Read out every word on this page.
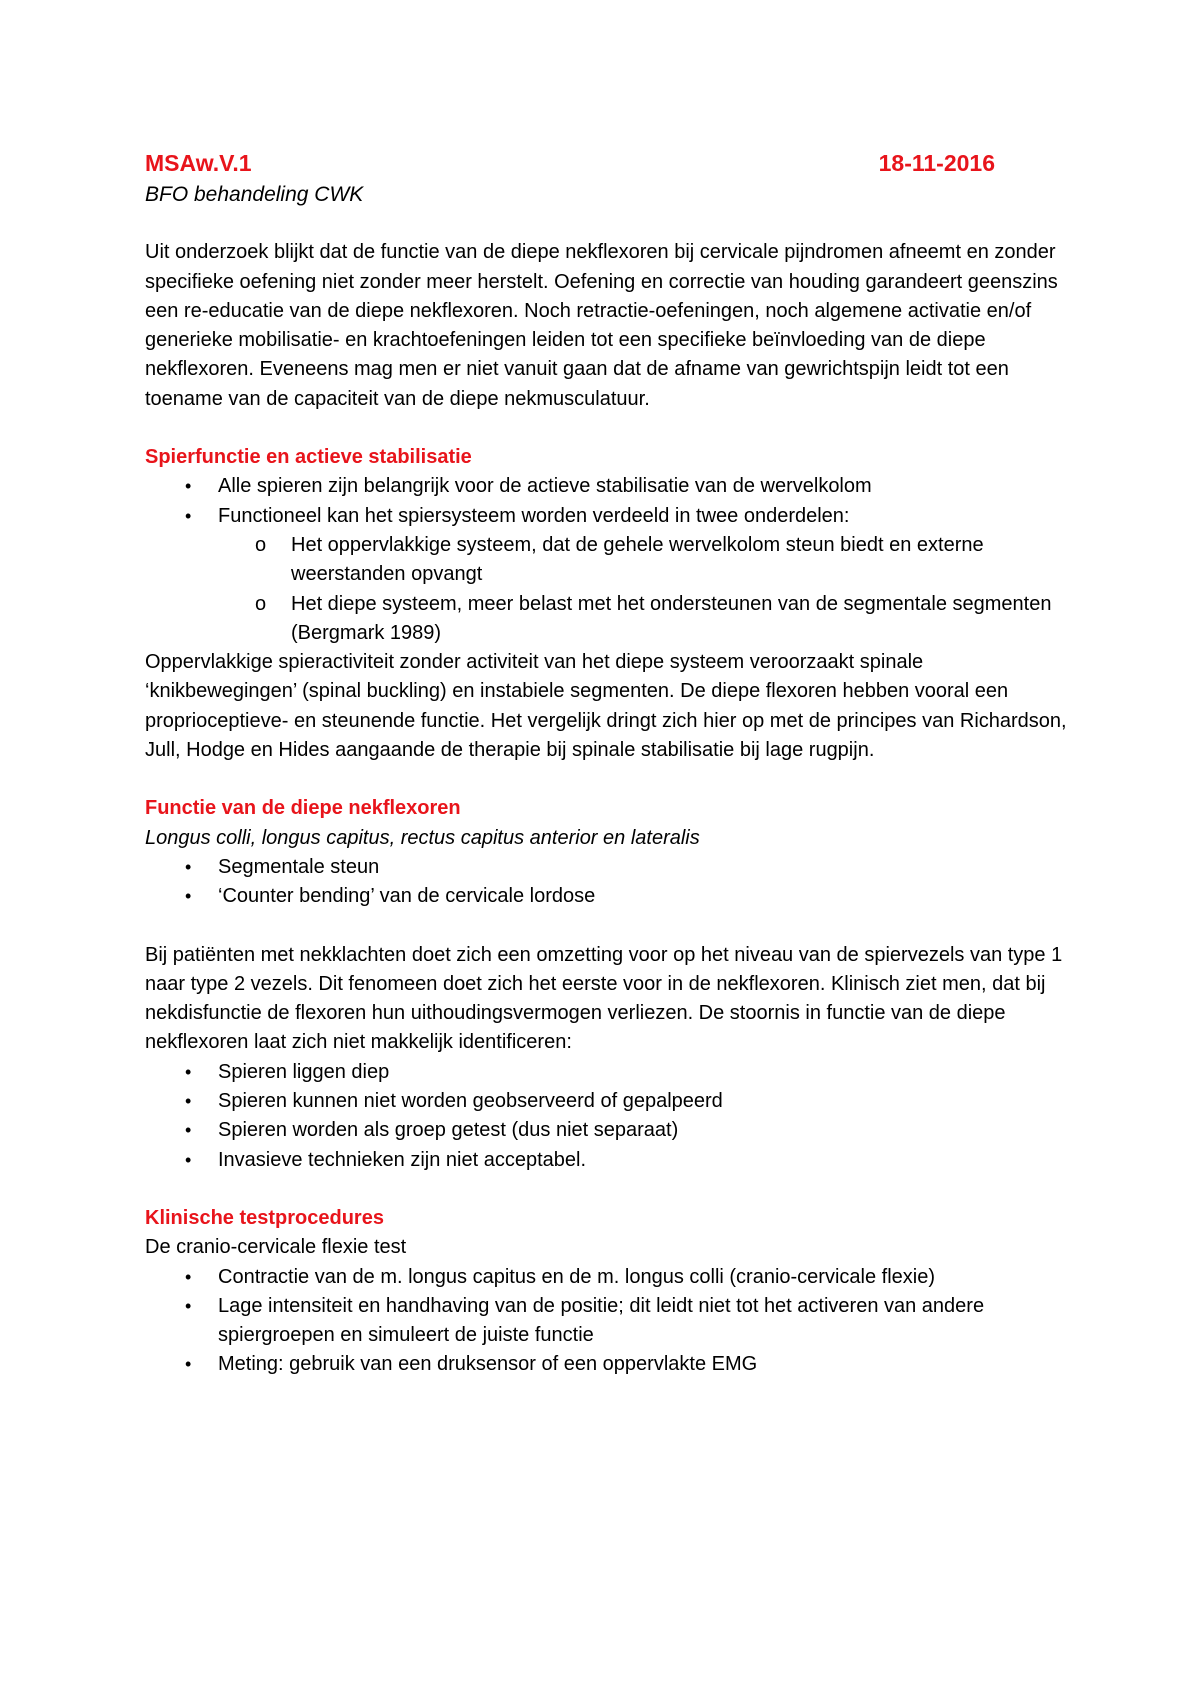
MSAw.V.1	18-11-2016
BFO behandeling CWK

Uit onderzoek blijkt dat de functie van de diepe nekflexoren bij cervicale pijndromen afneemt en zonder specifieke oefening niet zonder meer herstelt. Oefening en correctie van houding garandeert geenszins een re-educatie van de diepe nekflexoren. Noch retractie-oefeningen, noch algemene activatie en/of generieke mobilisatie- en krachtoefeningen leiden tot een specifieke beïnvloeding van de diepe nekflexoren. Eveneens mag men er niet vanuit gaan dat de afname van gewrichtspijn leidt tot een toename van de capaciteit van de diepe nekmusculatuur.

Spierfunctie en actieve stabilisatie
• Alle spieren zijn belangrijk voor de actieve stabilisatie van de wervelkolom
• Functioneel kan het spiersysteem worden verdeeld in twee onderdelen:
o Het oppervlakkige systeem, dat de gehele wervelkolom steun biedt en externe weerstanden opvangt
o Het diepe systeem, meer belast met het ondersteunen van de segmentale segmenten (Bergmark 1989)

Oppervlakkige spieractiviteit zonder activiteit van het diepe systeem veroorzaakt spinale ‘knikbewegingen’ (spinal buckling) en instabiele segmenten. De diepe flexoren hebben vooral een proprioceptieve- en steunende functie. Het vergelijk dringt zich hier op met de principes van Richardson, Jull, Hodge en Hides aangaande de therapie bij spinale stabilisatie bij lage rugpijn.

Functie van de diepe nekflexoren
Longus colli, longus capitus, rectus capitus anterior en lateralis
• Segmentale steun
• ‘Counter bending’ van de cervicale lordose

Bij patiënten met nekklachten doet zich een omzetting voor op het niveau van de spiervezels van type 1 naar type 2 vezels. Dit fenomeen doet zich het eerste voor in de nekflexoren. Klinisch ziet men, dat bij nekdisfunctie de flexoren hun uithoudingsvermogen verliezen. De stoornis in functie van de diepe nekflexoren laat zich niet makkelijk identificeren:

• Spieren liggen diep
• Spieren kunnen niet worden geobserveerd of gepalpeerd
• Spieren worden als groep getest (dus niet separaat)
• Invasieve technieken zijn niet acceptabel.
Klinische testprocedures
De cranio-cervicale flexie test
• Contractie van de m. longus capitus en de m. longus colli (cranio-cervicale flexie)
• Lage intensiteit en handhaving van de positie; dit leidt niet tot het activeren van andere spiergroepen en simuleert de juiste functie
• Meting: gebruik van een druksensor of een oppervlakte EMG
